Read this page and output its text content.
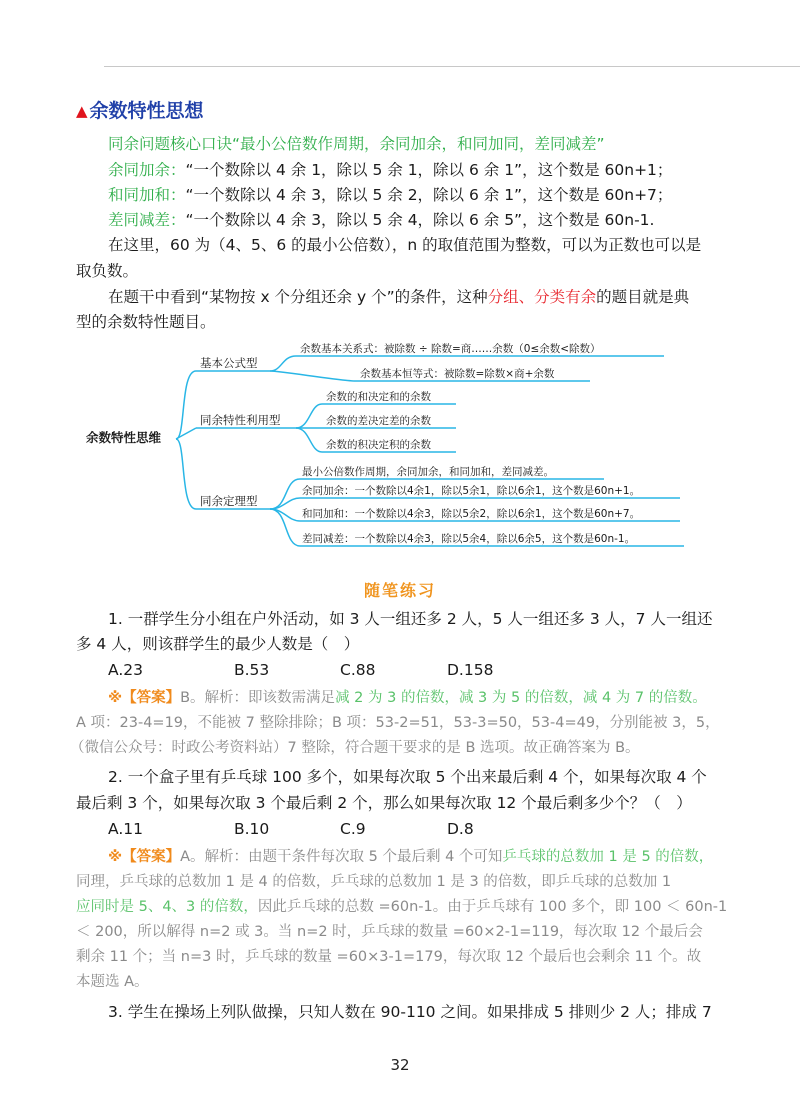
▲ 余数特性思想
同余问题核心口诀“最小公倍数作周期，余同加余，和同加同，差同减差”
余同加余：“一个数除以 4 余 1，除以 5 余 1，除以 6 余 1”，这个数是 60n+1；
和同加和：“一个数除以 4 余 3，除以 5 余 2，除以 6 余 1”，这个数是 60n+7；
差同减差：“一个数除以 4 余 3，除以 5 余 4，除以 6 余 5”，这个数是 60n-1.
在这里，60 为（4、5、6 的最小公倍数），n 的取值范围为整数，可以为正数也可以是
取负数。
在题干中看到“某物按 x 个分组还余 y 个”的条件，这种分组、分类有余的题目就是典
型的余数特性题目。
余数特性思维
基本公式型
同余特性利用型
同余定理型
余数基本关系式：被除数 ÷ 除数=商……余数（0≤余数<除数）
余数基本恒等式：被除数=除数×商+余数
余数的和决定和的余数
余数的差决定差的余数
余数的积决定积的余数
最小公倍数作周期，余同加余，和同加和，差同减差。
余同加余：一个数除以4余1，除以5余1，除以6余1，这个数是60n+1。
和同加和：一个数除以4余3，除以5余2，除以6余1，这个数是60n+7。
差同减差：一个数除以4余3，除以5余4，除以6余5，这个数是60n-1。
随笔练习
1. 一群学生分小组在户外活动，如 3 人一组还多 2 人，5 人一组还多 3 人，7 人一组还
多 4 人，则该群学生的最少人数是（　）
A.23	B.53	C.88	D.158
※【答案】B。解析：即该数需满足减 2 为 3 的倍数，减 3 为 5 的倍数，减 4 为 7 的倍数。
A 项：23-4=19，不能被 7 整除排除；B 项：53-2=51，53-3=50，53-4=49，分别能被 3，5，
（微信公众号：时政公考资料站）7 整除，符合题干要求的是 B 选项。故正确答案为 B。
2. 一个盒子里有乒乓球 100 多个，如果每次取 5 个出来最后剩 4 个，如果每次取 4 个
最后剩 3 个，如果每次取 3 个最后剩 2 个，那么如果每次取 12 个最后剩多少个？（　）
A.11	B.10	C.9	D.8
※【答案】A。解析：由题干条件每次取 5 个最后剩 4 个可知乒乓球的总数加 1 是 5 的倍数，
同理，乒乓球的总数加 1 是 4 的倍数，乒乓球的总数加 1 是 3 的倍数，即乒乓球的总数加 1
应同时是 5、4、3 的倍数，因此乒乓球的总数 =60n-1。由于乒乓球有 100 多个，即 100 ＜ 60n-1
＜ 200，所以解得 n=2 或 3。当 n=2 时，乒乓球的数量 =60×2-1=119，每次取 12 个最后会
剩余 11 个；当 n=3 时，乒乓球的数量 =60×3-1=179，每次取 12 个最后也会剩余 11 个。故
本题选 A。
3. 学生在操场上列队做操，只知人数在 90-110 之间。如果排成 5 排则少 2 人；排成 7
32
